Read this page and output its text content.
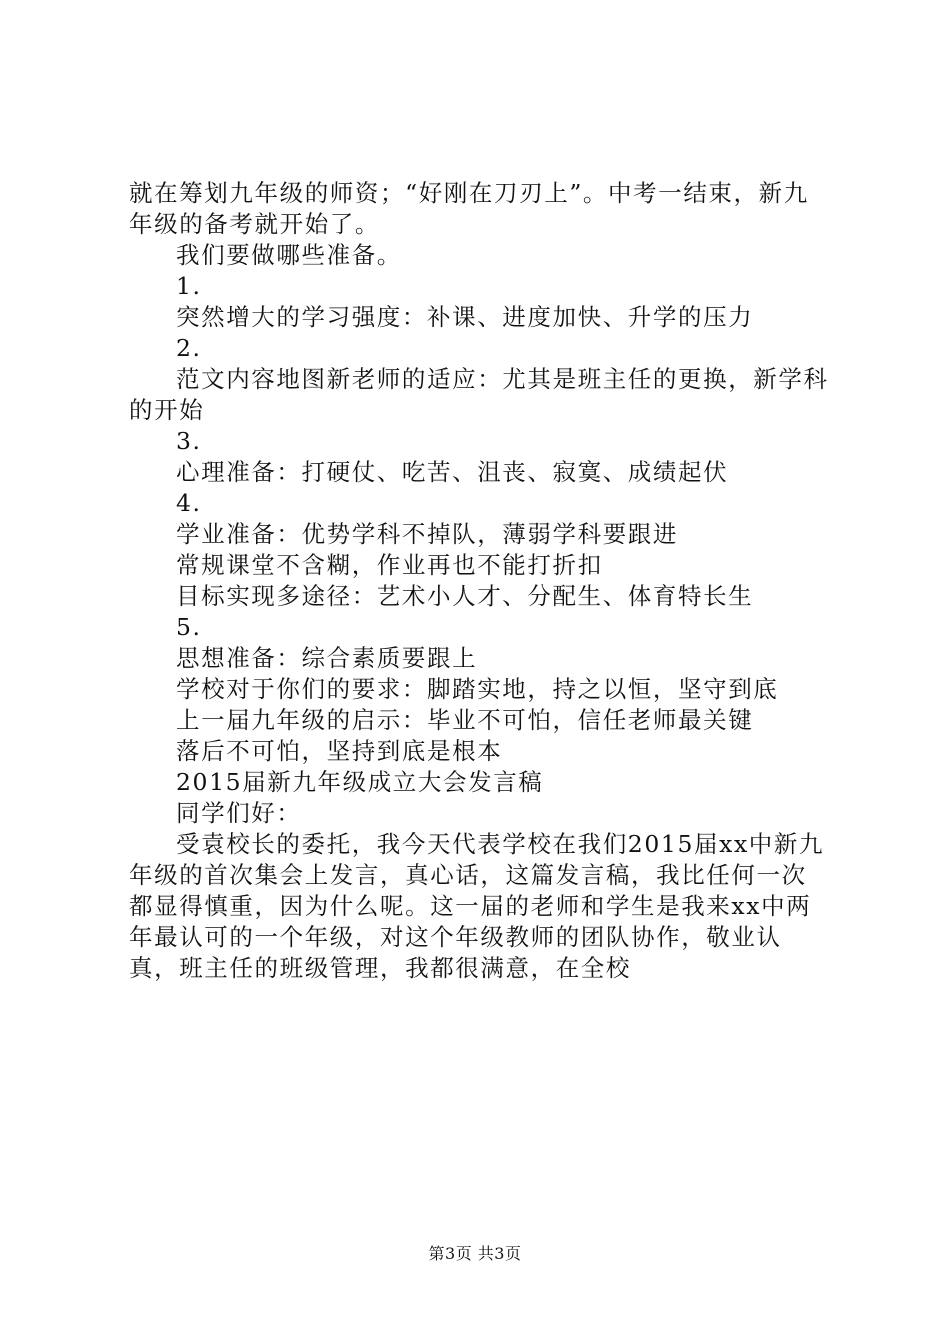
就在筹划九年级的师资；“好刚在刀刃上”。中考一结束，新九年级的备考就开始了。

我们要做哪些准备。

1.

突然增大的学习强度：补课、进度加快、升学的压力

2.

范文内容地图新老师的适应：尤其是班主任的更换，新学科的开始

3.

心理准备：打硬仗、吃苦、沮丧、寂寞、成绩起伏

4.

学业准备：优势学科不掉队，薄弱学科要跟进

常规课堂不含糊，作业再也不能打折扣

目标实现多途径：艺术小人才、分配生、体育特长生

5.

思想准备：综合素质要跟上

学校对于你们的要求：脚踏实地，持之以恒，坚守到底

上一届九年级的启示：毕业不可怕，信任老师最关键

落后不可怕，坚持到底是根本

2015届新九年级成立大会发言稿

同学们好：

受袁校长的委托，我今天代表学校在我们2015届xx中新九年级的首次集会上发言，真心话，这篇发言稿，我比任何一次都显得慎重，因为什么呢。这一届的老师和学生是我来xx中两年最认可的一个年级，对这个年级教师的团队协作，敬业认真，班主任的班级管理，我都很满意，在全校

第3页 共3页
